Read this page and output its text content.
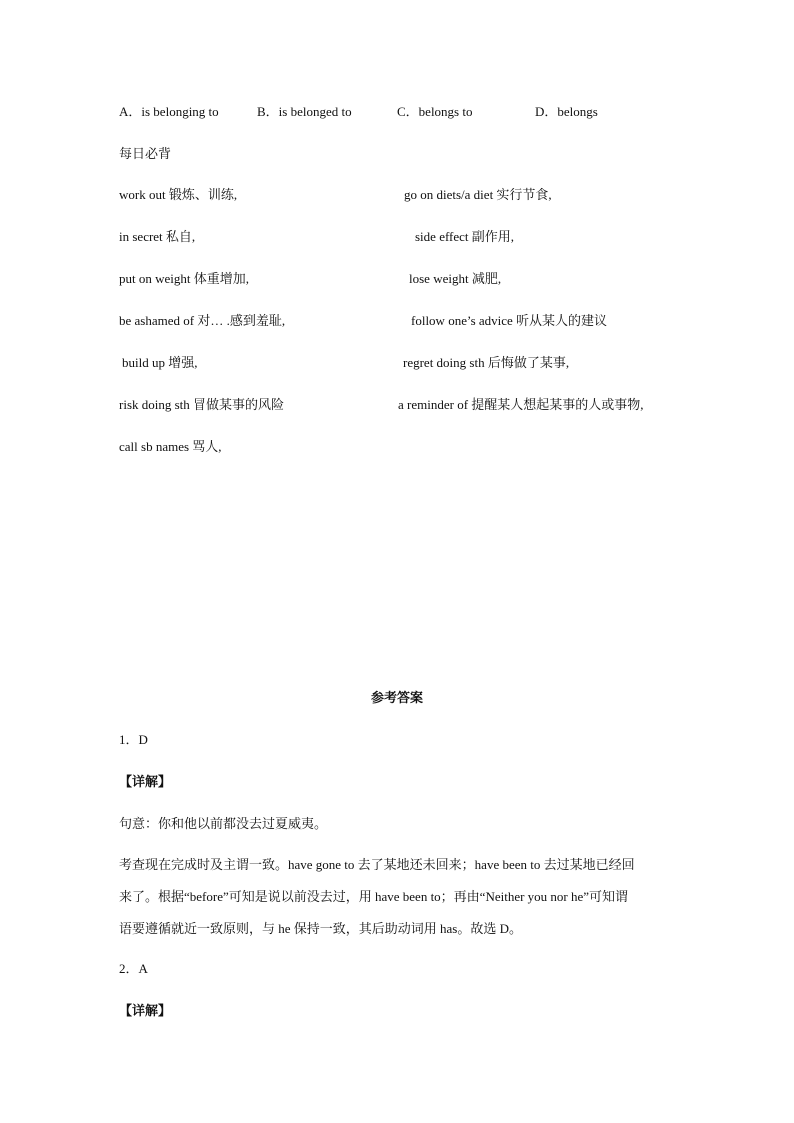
A．is belonging to	B．is belonged to	C．belongs to	D．belongs
每日必背
work out 锻炼、训练,	go on diets/a diet 实行节食,
in secret 私自,	side effect 副作用,
put on weight 体重增加,	lose weight 减肥,
be ashamed of 对… .感到羞耻,	follow one’s advice 听从某人的建议
build up 增强,	regret doing sth 后悔做了某事,
risk doing sth 冒做某事的风险	a reminder of 提醒某人想起某事的人或事物,
call sb names 骂人,
参考答案
1．D
【详解】
句意：你和他以前都没去过夏威夷。
考查现在完成时及主谓一致。have gone to 去了某地还未回来；have been to 去过某地已经回
来了。根据“before”可知是说以前没去过，用 have been to；再由“Neither you nor he”可知谓
语要遵循就近一致原则，与 he 保持一致，其后助动词用 has。故选 D。
2．A
【详解】
